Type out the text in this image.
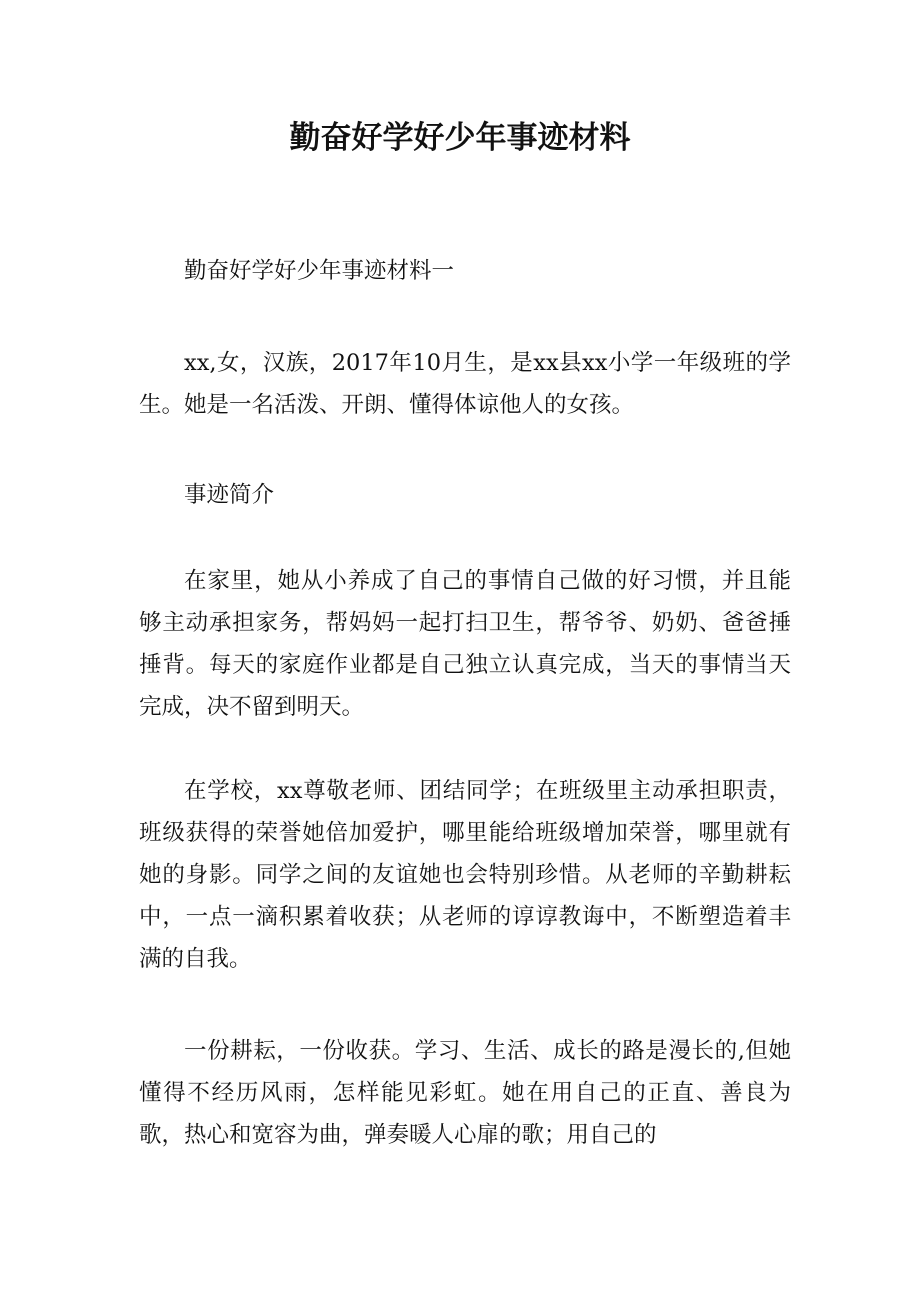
勤奋好学好少年事迹材料

勤奋好学好少年事迹材料一

xx,女，汉族，2017年10月生，是xx县xx小学一年级班的学生。她是一名活泼、开朗、懂得体谅他人的女孩。

事迹简介

在家里，她从小养成了自己的事情自己做的好习惯，并且能够主动承担家务，帮妈妈一起打扫卫生，帮爷爷、奶奶、爸爸捶捶背。每天的家庭作业都是自己独立认真完成，当天的事情当天完成，决不留到明天。

在学校，xx尊敬老师、团结同学；在班级里主动承担职责，班级获得的荣誉她倍加爱护，哪里能给班级增加荣誉，哪里就有她的身影。同学之间的友谊她也会特别珍惜。从老师的辛勤耕耘中，一点一滴积累着收获；从老师的谆谆教诲中，不断塑造着丰满的自我。

一份耕耘，一份收获。学习、生活、成长的路是漫长的,但她懂得不经历风雨，怎样能见彩虹。她在用自己的正直、善良为歌，热心和宽容为曲，弹奏暖人心扉的歌；用自己的
